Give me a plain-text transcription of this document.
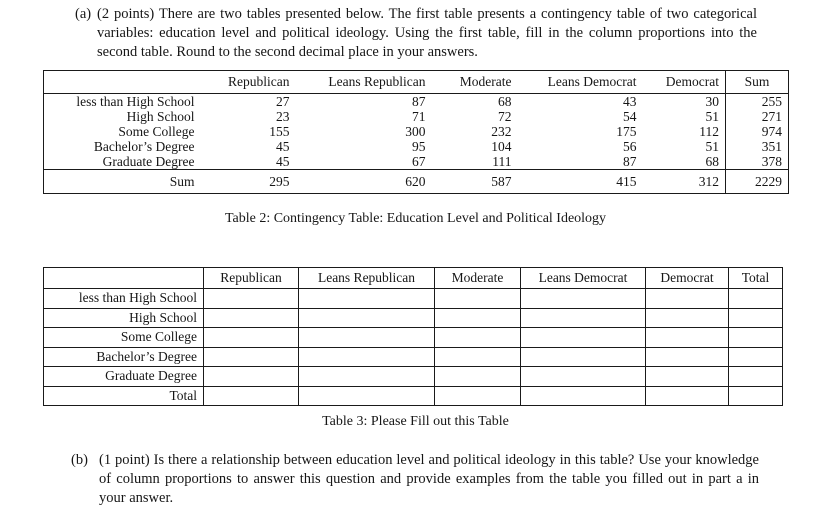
(a) (2 points) There are two tables presented below. The first table presents a contingency table of two categorical variables: education level and political ideology. Using the first table, fill in the column proportions into the second table. Round to the second decimal place in your answers.
	Republican	Leans Republican	Moderate	Leans Democrat	Democrat	Sum
less than High School	27	87	68	43	30	255
High School	23	71	72	54	51	271
Some College	155	300	232	175	112	974
Bachelor’s Degree	45	95	104	56	51	351
Graduate Degree	45	67	111	87	68	378
Sum	295	620	587	415	312	2229
Table 2: Contingency Table: Education Level and Political Ideology
	Republican	Leans Republican	Moderate	Leans Democrat	Democrat	Total
less than High School						
High School						
Some College						
Bachelor’s Degree						
Graduate Degree						
Total						
Table 3: Please Fill out this Table
(b) (1 point) Is there a relationship between education level and political ideology in this table? Use your knowledge of column proportions to answer this question and provide examples from the table you filled out in part a in your answer.
